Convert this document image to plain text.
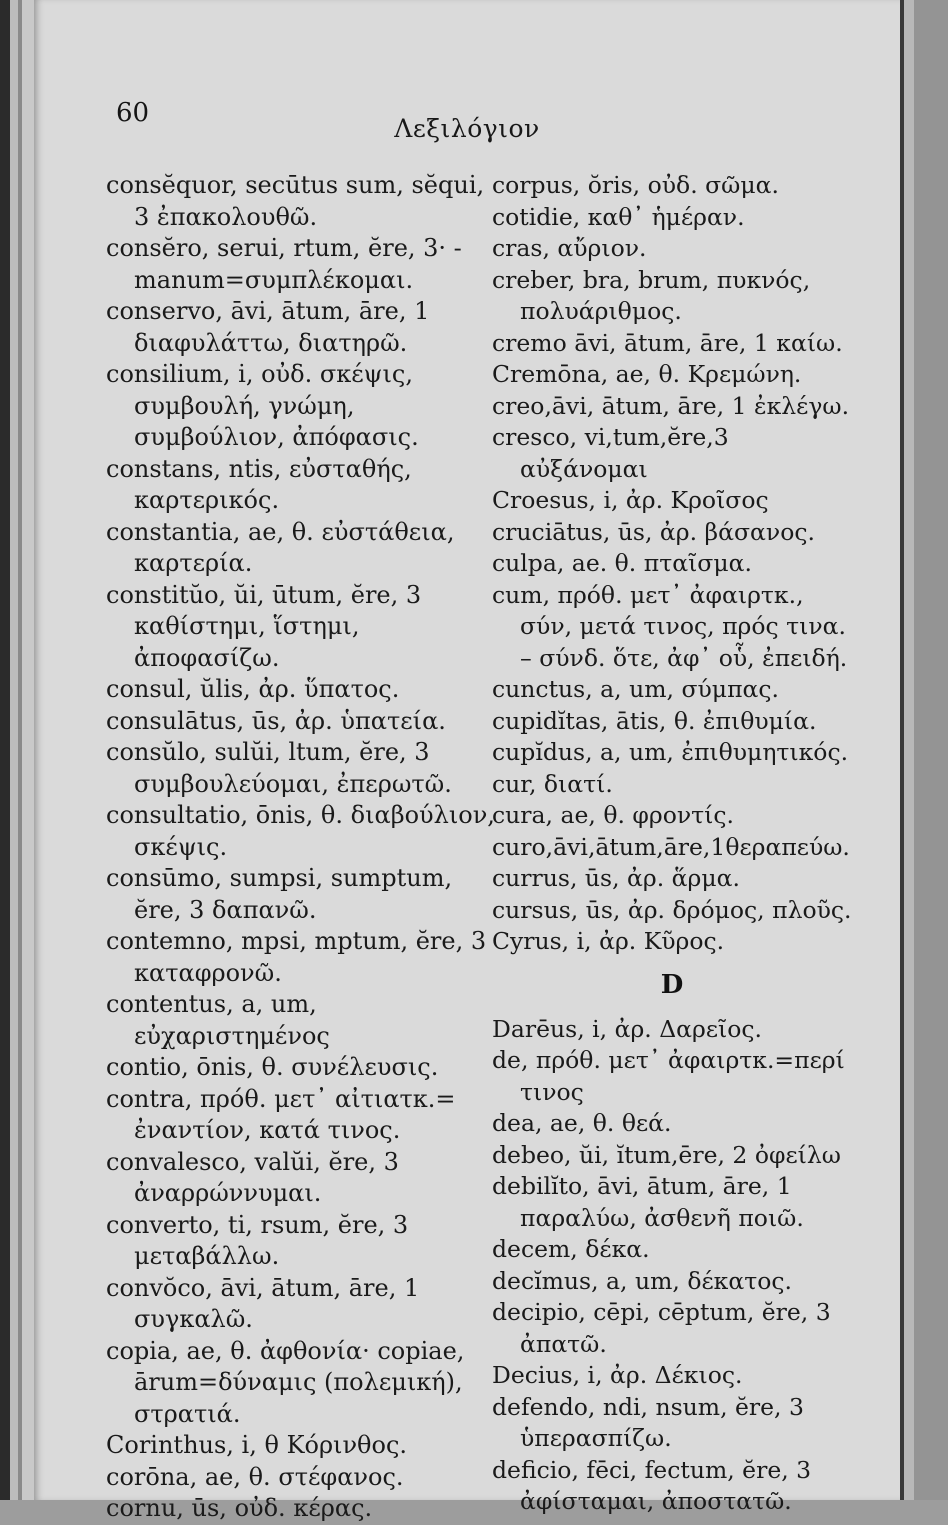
60
Λεξιλόγιον

consĕquor, secūtus sum, sĕqui, 3 ἐπακολουθῶ.

consĕro, serui, rtum, ĕre, 3· -manum=συμπλέκομαι.

conservo, āvi, ātum, āre, 1 διαφυλάττω, διατηρῶ.

consilium, i, οὐδ. σκέψις, συμβουλή, γνώμη, συμβούλιον, ἀπόφασις.

constans, ntis, εὐσταθής, καρτερικός.

constantia, ae, θ. εὐστάθεια, καρτερία.

constitŭo, ŭi, ūtum, ĕre, 3 καθίστημι, ἵστημι, ἀποφασίζω.

consul, ŭlis, ἀρ. ὕπατος.

consulātus, ūs, ἀρ. ὑπατεία.

consŭlo, sulŭi, ltum, ĕre, 3 συμβουλεύομαι, ἐπερωτῶ.

consultatio, ōnis, θ. διαβούλιον, σκέψις.

consūmo, sumpsi, sumptum, ĕre, 3 δαπανῶ.

contemno, mpsi, mptum, ĕre, 3 καταφρονῶ.

contentus, a, um, εὐχαριστημένος

contio, ōnis, θ. συνέλευσις.

contra, πρόθ. μετ᾽ αἰτιατκ.= ἐναντίον, κατά τινος.

convalesco, valŭi, ĕre, 3 ἀναρρώννυμαι.

converto, ti, rsum, ĕre, 3 μεταβάλλω.

convŏco, āvi, ātum, āre, 1 συγκαλῶ.

copia, ae, θ. ἀφθονία· copiae, ārum=δύναμις (πολεμική), στρατιά.

Corinthus, i, θ Κόρινθος.

corōna, ae, θ. στέφανος.

cornu, ūs, οὐδ. κέρας.

corpus, ŏris, οὐδ. σῶμα.

cotidie, καθ᾽ ἡμέραν.

cras, αὔριον.

creber, bra, brum, πυκνός, πολυάριθμος.

cremo āvi, ātum, āre, 1 καίω.

Cremōna, ae, θ. Κρεμώνη.

creo,āvi, ātum, āre, 1 ἐκλέγω.

cresco, vi,tum,ĕre,3 αὐξάνομαι

Croesus, i, ἀρ. Κροῖσος

cruciātus, ūs, ἀρ. βάσανος.

culpa, ae. θ. πταῖσμα.

cum, πρόθ. μετ᾽ ἀφαιρτκ., σύν, μετά τινος, πρός τινα. – σύνδ. ὅτε, ἀφ᾽ οὗ, ἐπειδή.

cunctus, a, um, σύμπας.

cupidĭtas, ātis, θ. ἐπιθυμία.

cupĭdus, a, um, ἐπιθυμητικός.

cur, διατί.

cura, ae, θ. φροντίς.

curo,āvi,ātum,āre,1θεραπεύω.

currus, ūs, ἀρ. ἅρμα.

cursus, ūs, ἀρ. δρόμος, πλοῦς.

Cyrus, i, ἀρ. Κῦρος.

D

Darēus, i, ἀρ. Δαρεῖος.

de, πρόθ. μετ᾽ ἀφαιρτκ.=περί τινος

dea, ae, θ. θεά.

debeo, ŭi, ĭtum,ēre, 2 ὀφείλω

debilĭto, āvi, ātum, āre, 1 παραλύω, ἀσθενῆ ποιῶ.

decem, δέκα.

decĭmus, a, um, δέκατος.

decipio, cēpi, cēptum, ĕre, 3 ἀπατῶ.

Decius, i, ἀρ. Δέκιος.

defendo, ndi, nsum, ĕre, 3 ὑπερασπίζω.

deficio, fēci, fectum, ĕre, 3 ἀφίσταμαι, ἀποστατῶ.
